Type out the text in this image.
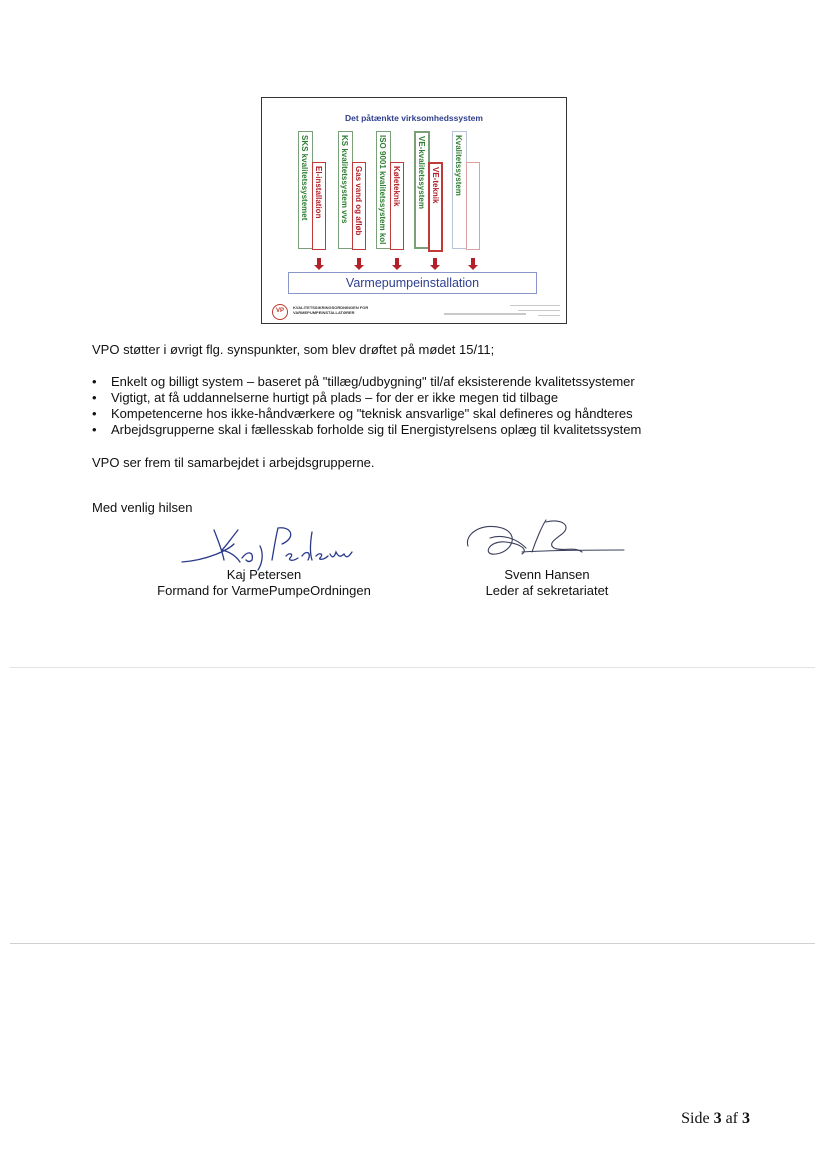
Det påtænkte virksomhedssystem
SKS kvalitetssystemet El-installation KS kvalitetssystem vvs Gas vand og afløb ISO 9001 kvalitetssystem kol Køleteknik VE-kvalitetssystem VE-teknik Kvalitetssystem
Varmepumpeinstallation
VP
KVALITETSSIKRINGSORDNINGEN FOR
VARMEPUMPEINSTALLATØRER
VPO støtter i øvrigt flg. synspunkter, som blev drøftet på mødet 15/11;
• Enkelt og billigt system – baseret på "tillæg/udbygning" til/af eksisterende kvalitetssystemer
• Vigtigt, at få uddannelserne hurtigt på plads – for der er ikke megen tid tilbage
• Kompetencerne hos ikke-håndværkere og "teknisk ansvarlige" skal defineres og håndteres
• Arbejdsgrupperne skal i fællesskab forholde sig til Energistyrelsens oplæg til kvalitetssystem
VPO ser frem til samarbejdet i arbejdsgrupperne.
Med venlig hilsen
Kaj Petersen
Formand for VarmePumpeOrdningen
Svenn Hansen
Leder af sekretariatet
Side 3 af 3
